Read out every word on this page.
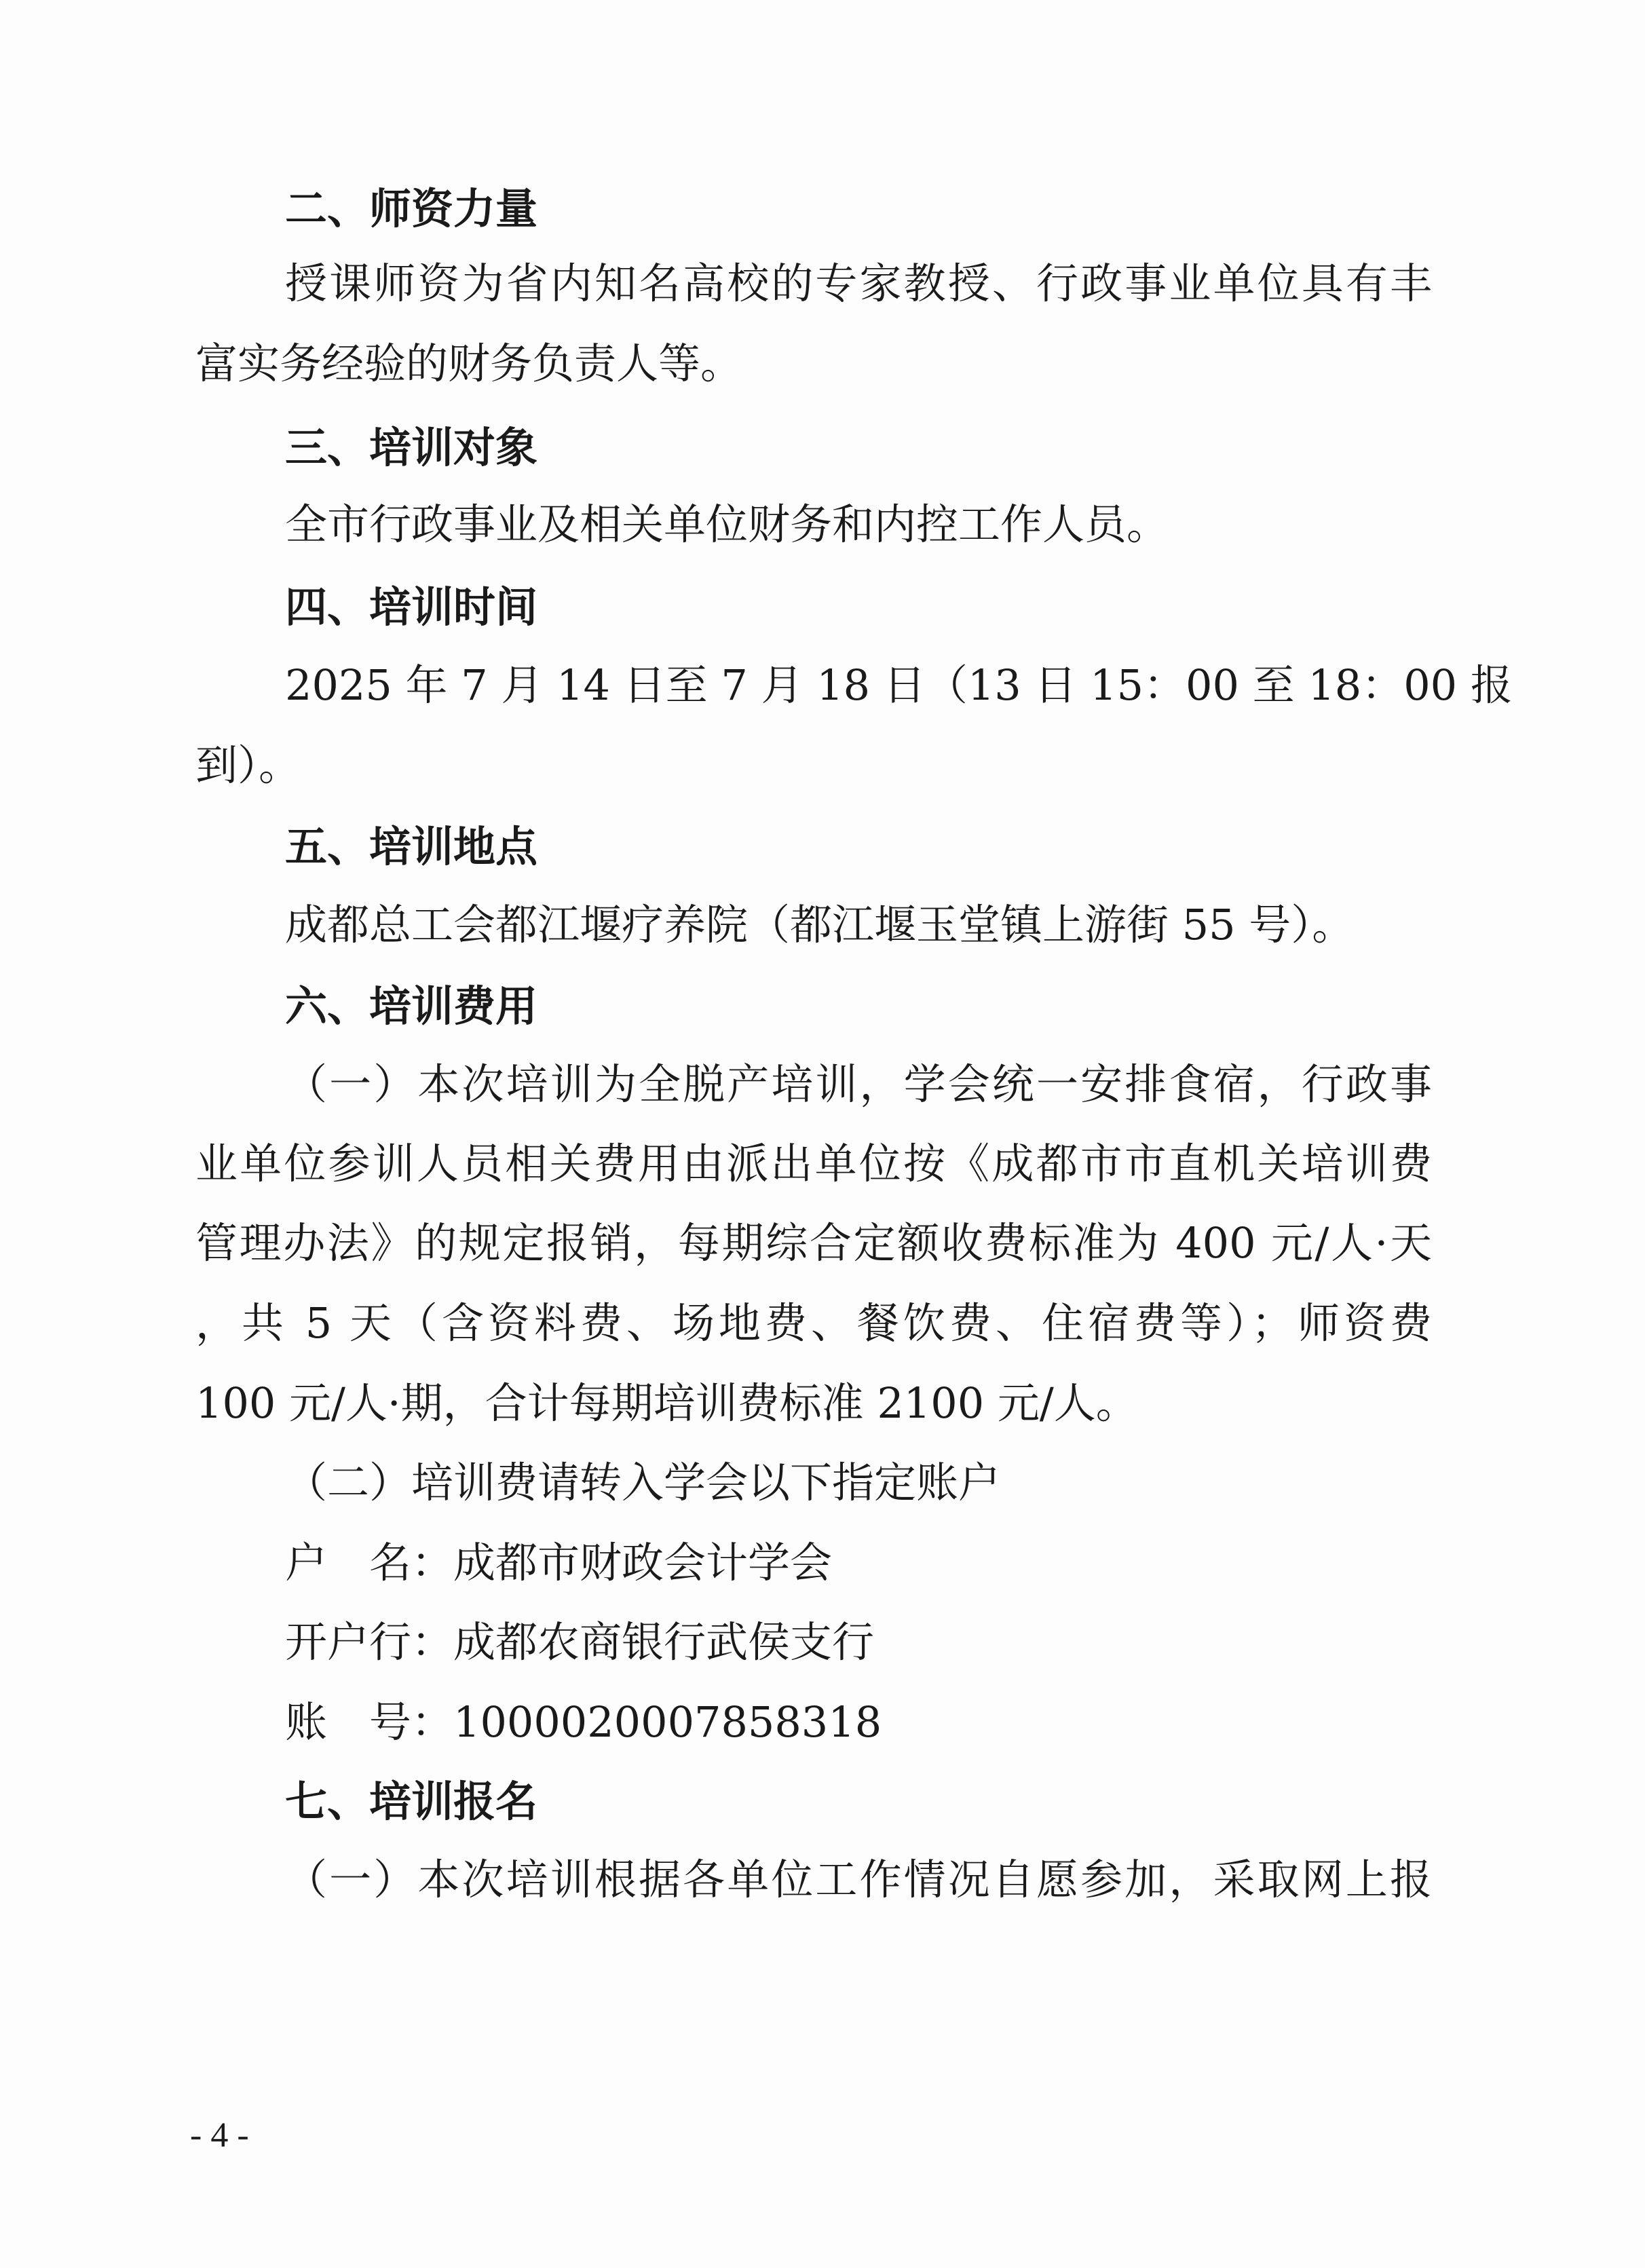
二、师资力量
授课师资为省内知名高校的专家教授、行政事业单位具有丰
富实务经验的财务负责人等。
三、培训对象
全市行政事业及相关单位财务和内控工作人员。
四、培训时间
2025 年 7 月 14 日至 7 月 18 日（13 日 15：00 至 18：00 报
到）。
五、培训地点
成都总工会都江堰疗养院（都江堰玉堂镇上游街 55 号）。
六、培训费用
（一）本次培训为全脱产培训，学会统一安排食宿，行政事
业单位参训人员相关费用由派出单位按《成都市市直机关培训费
管理办法》的规定报销，每期综合定额收费标准为 400 元/人·天
，共 5 天（含资料费、场地费、餐饮费、住宿费等）；师资费
100 元/人·期，合计每期培训费标准 2100 元/人。
（二）培训费请转入学会以下指定账户
户　名：成都市财政会计学会
开户行：成都农商银行武侯支行
账　号：1000020007858318
七、培训报名
（一）本次培训根据各单位工作情况自愿参加，采取网上报
- 4 -
